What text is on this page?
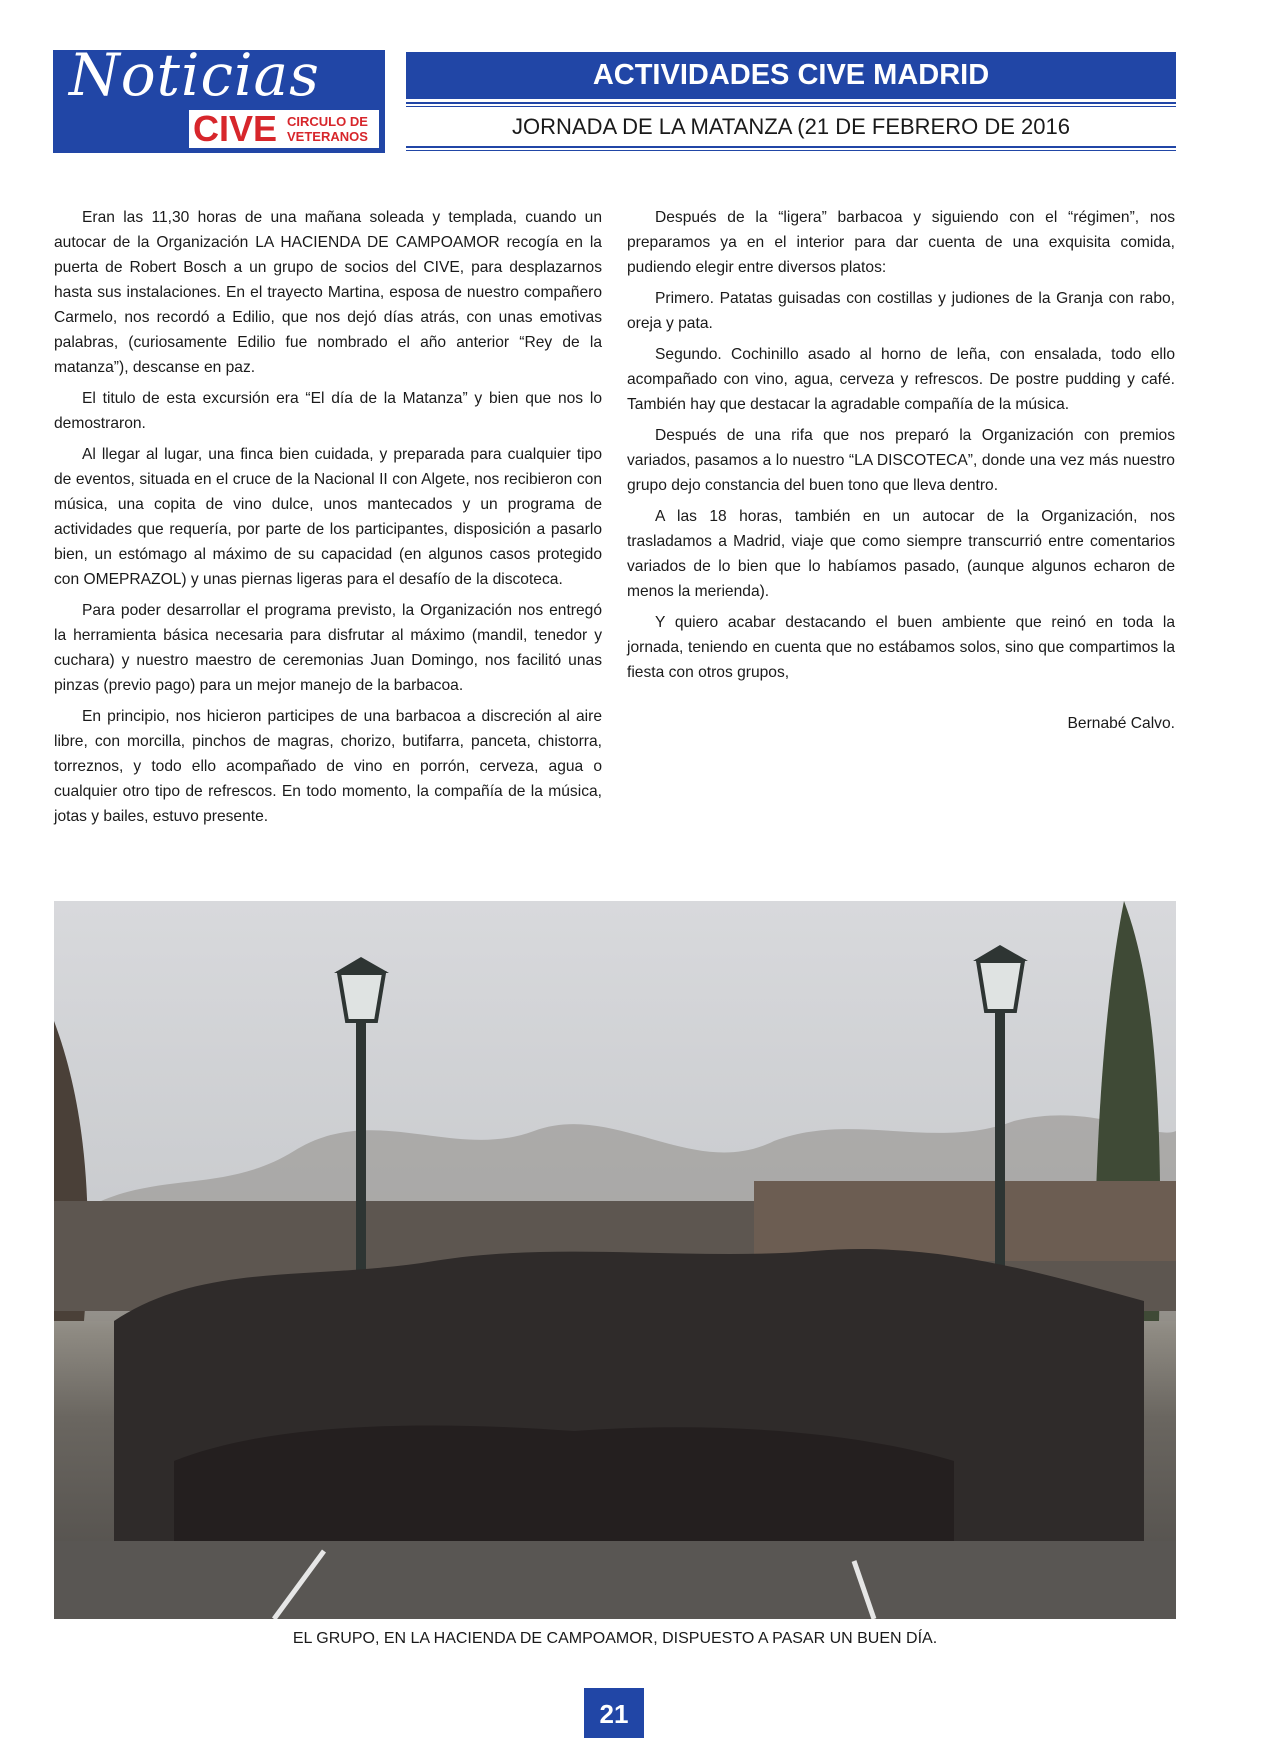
Noticias
CIVE CIRCULO DE VETERANOS
ACTIVIDADES CIVE MADRID
JORNADA DE LA MATANZA (21 DE FEBRERO DE 2016

Eran las 11,30 horas de una mañana soleada y templada, cuando un autocar de la Organización LA HACIENDA DE CAMPOAMOR recogía en la puerta de Robert Bosch a un grupo de socios del CIVE, para desplazarnos hasta sus instalaciones. En el trayecto Martina, esposa de nuestro compañero Carmelo, nos recordó a Edilio, que nos dejó días atrás, con unas emotivas palabras, (curiosamente Edilio fue nombrado el año anterior “Rey de la matanza”), descanse en paz.

El titulo de esta excursión era “El día de la Matanza” y bien que nos lo demostraron.

Al llegar al lugar, una finca bien cuidada, y preparada para cualquier tipo de eventos, situada en el cruce de la Nacional II con Algete, nos recibieron con música, una copita de vino dulce, unos mantecados y un programa de actividades que requería, por parte de los participantes, disposición a pasarlo bien, un estómago al máximo de su capacidad (en algunos casos protegido con OMEPRAZOL) y unas piernas ligeras para el desafío de la discoteca.

Para poder desarrollar el programa previsto, la Organización nos entregó la herramienta básica necesaria para disfrutar al máximo (mandil, tenedor y cuchara) y nuestro maestro de ceremonias Juan Domingo, nos facilitó unas pinzas (previo pago) para un mejor manejo de la barbacoa.

En principio, nos hicieron participes de una barbacoa a discreción al aire libre, con morcilla, pinchos de magras, chorizo, butifarra, panceta, chistorra, torreznos, y todo ello acompañado de vino en porrón, cerveza, agua o cualquier otro tipo de refrescos. En todo momento, la compañía de la música, jotas y bailes, estuvo presente.

Después de la “ligera” barbacoa y siguiendo con el “régimen”, nos preparamos ya en el interior para dar cuenta de una exquisita comida, pudiendo elegir entre diversos platos:

Primero. Patatas guisadas con costillas y judiones de la Granja con rabo, oreja y pata.

Segundo. Cochinillo asado al horno de leña, con ensalada, todo ello acompañado con vino, agua, cerveza y refrescos. De postre pudding y café. También hay que destacar la agradable compañía de la música.

Después de una rifa que nos preparó la Organización con premios variados, pasamos a lo nuestro “LA DISCOTECA”, donde una vez más nuestro grupo dejo constancia del buen tono que lleva dentro.

A las 18 horas, también en un autocar de la Organización, nos trasladamos a Madrid, viaje que como siempre transcurrió entre comentarios variados de lo bien que lo habíamos pasado, (aunque algunos echaron de menos la merienda).

Y quiero acabar destacando el buen ambiente que reinó en toda la jornada, teniendo en cuenta que no estábamos solos, sino que compartimos la fiesta con otros grupos,

Bernabé Calvo.

EL GRUPO, EN LA HACIENDA DE CAMPOAMOR, DISPUESTO A PASAR UN BUEN DÍA.
21
